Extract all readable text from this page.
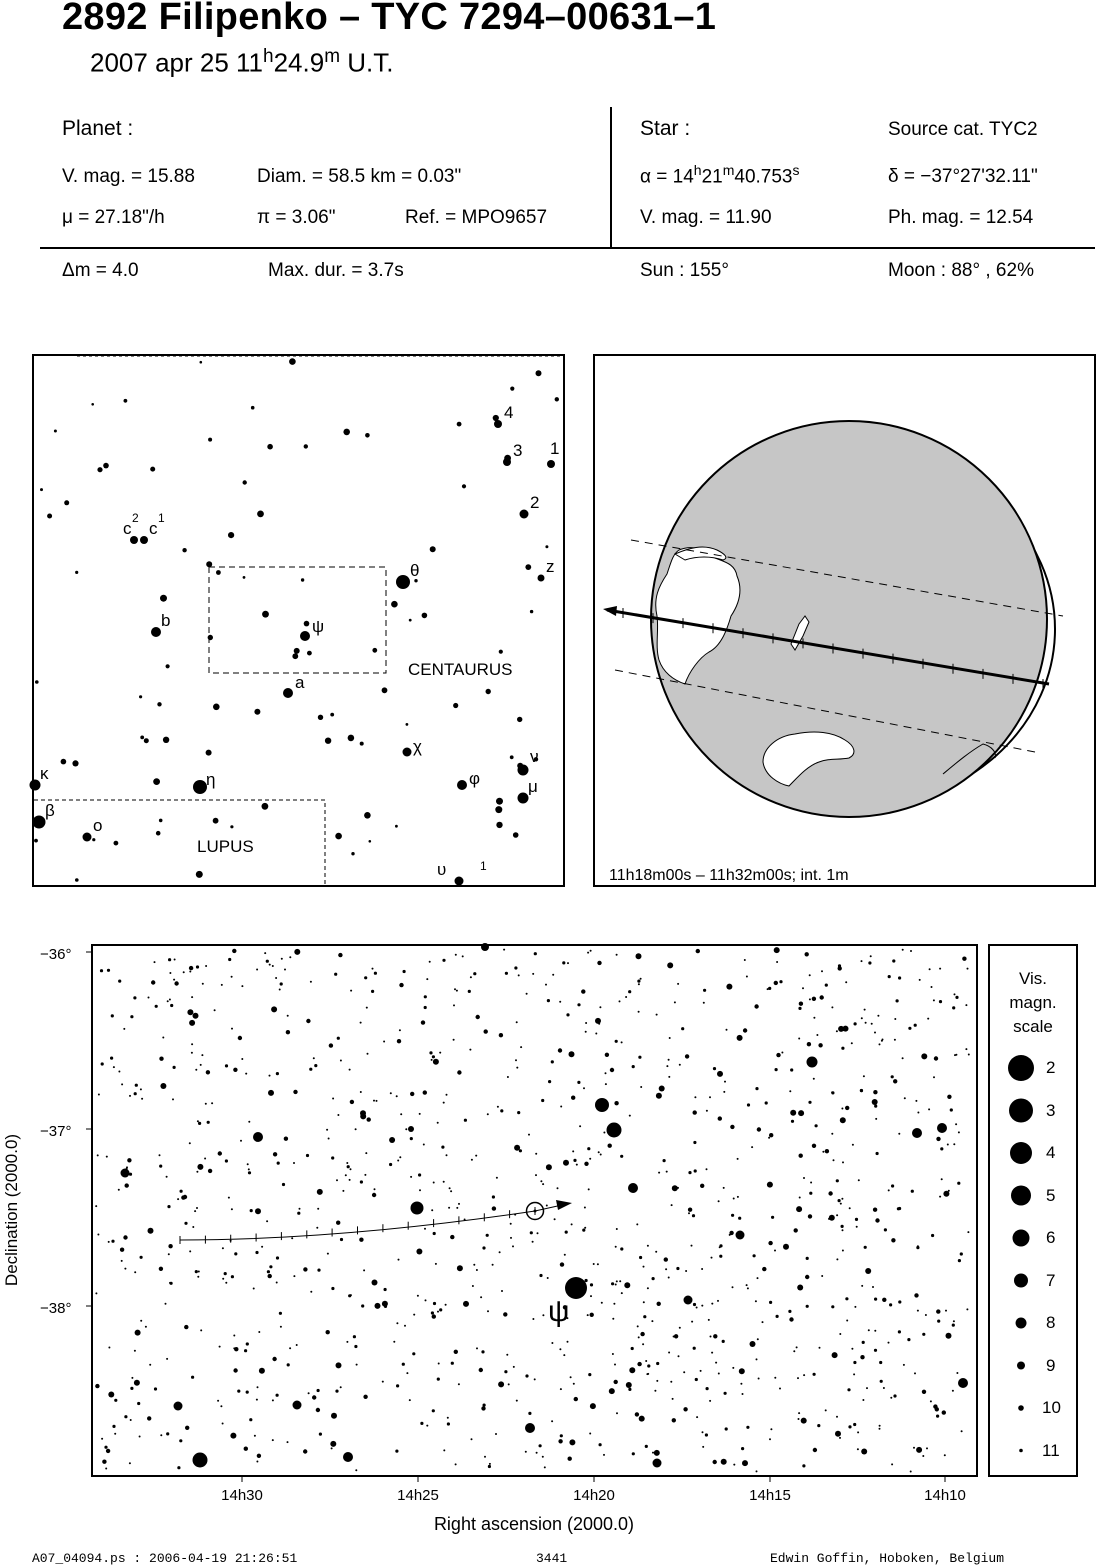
2892 Filipenko – TYC 7294–00631–1
2007 apr 25 11$^h$24.9$^m$ U.T.
Planet :
V. mag. = 15.88	Diam. = 58.5 km = 0.03"
μ = 27.18"/h	π = 3.06"	Ref. = MPO9657
Star :	Source cat. TYC2
$\alpha = 14^h21^m40.753^s$	δ = −37°27'32.11"
V. mag. = 11.90	Ph. mag. = 12.54
Δm = 4.0	Max. dur. = 3.7s	Sun : 155°	Moon : 88° , 62%
4
3 1
2
z
c
2
c
1
θ
b	ψ
a
χ
ν
κ	η	φ	μ
β
o
υ	1
CENTAURUS
LUPUS
11h18m00s – 11h32m00s; int. 1m
ψ
−36°
−37°
−38°
14h30	14h25	14h20	14h15	14h10
Right ascension (2000.0)
Declination (2000.0)
Vis.
magn.
scale
2
3
4
5
6
7
8
9
10
11
A07_04094.ps : 2006-04-19 21:26:51	3441	Edwin Goffin, Hoboken, Belgium
